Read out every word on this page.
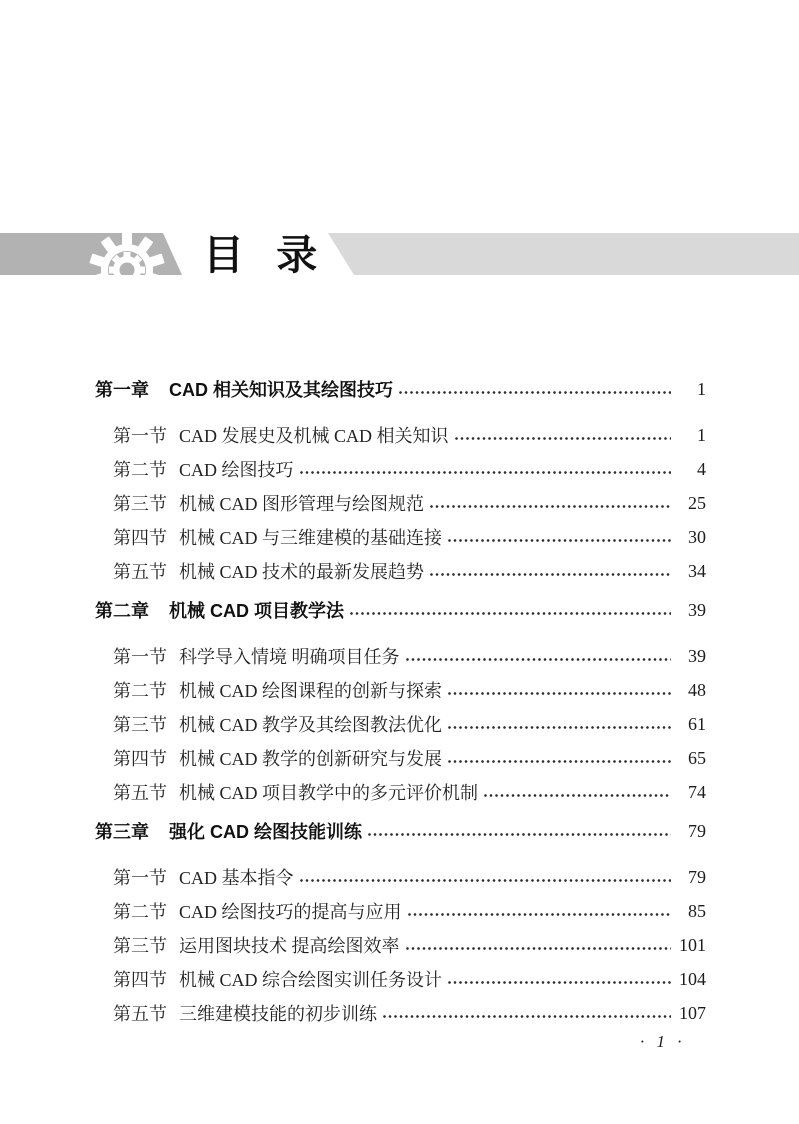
目 录
第一章 CAD 相关知识及其绘图技巧	1
第一节 CAD 发展史及机械 CAD 相关知识	1
第二节 CAD 绘图技巧	4
第三节 机械 CAD 图形管理与绘图规范	25
第四节 机械 CAD 与三维建模的基础连接	30
第五节 机械 CAD 技术的最新发展趋势	34
第二章 机械 CAD 项目教学法	39
第一节 科学导入情境 明确项目任务	39
第二节 机械 CAD 绘图课程的创新与探索	48
第三节 机械 CAD 教学及其绘图教法优化	61
第四节 机械 CAD 教学的创新研究与发展	65
第五节 机械 CAD 项目教学中的多元评价机制	74
第三章 强化 CAD 绘图技能训练	79
第一节 CAD 基本指令	79
第二节 CAD 绘图技巧的提高与应用	85
第三节 运用图块技术 提高绘图效率	101
第四节 机械 CAD 综合绘图实训任务设计	104
第五节 三维建模技能的初步训练	107
· 1 ·
